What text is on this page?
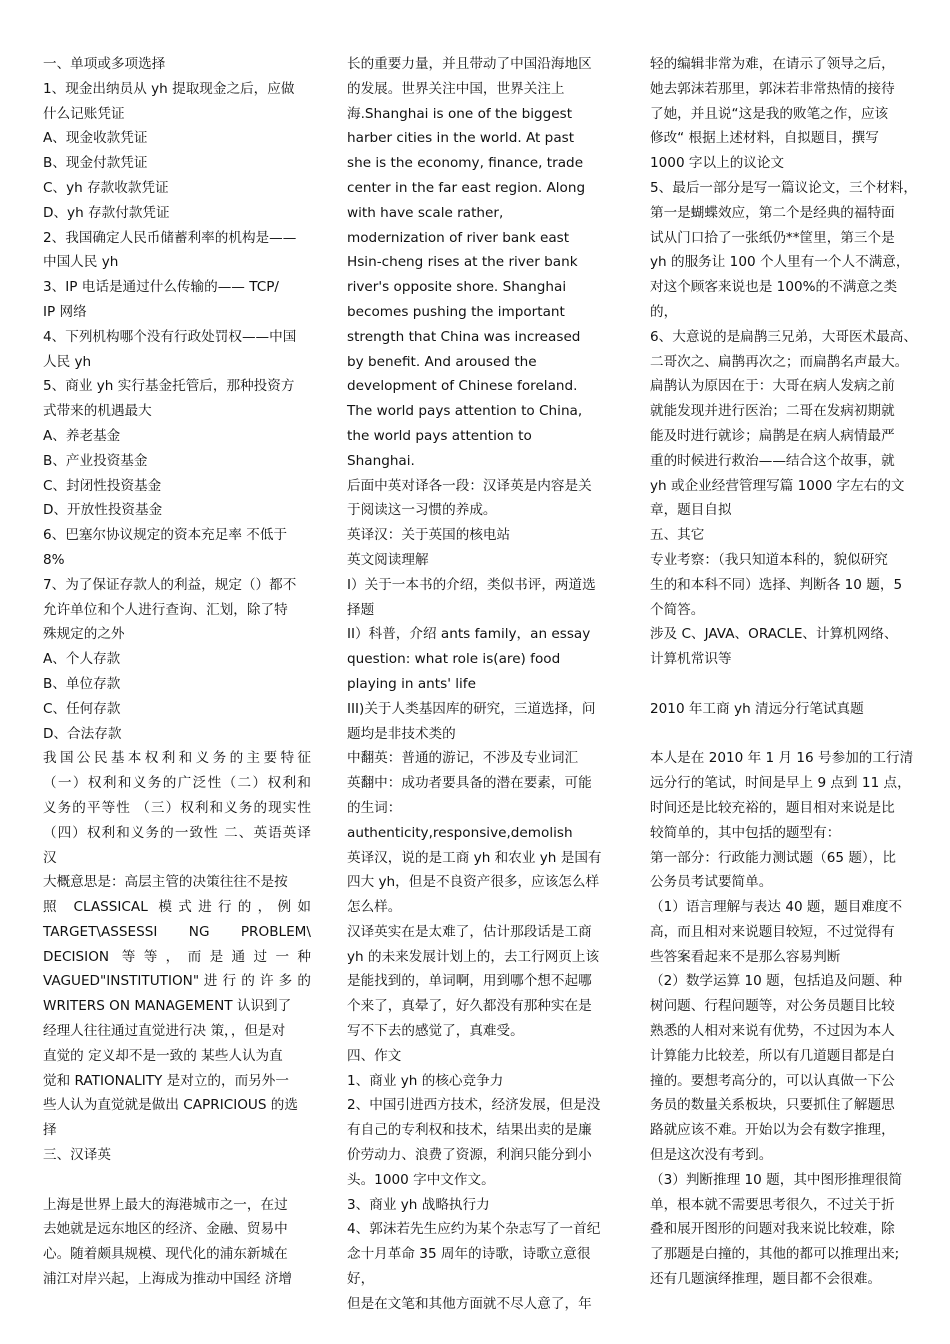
一、单项或多项选择

1、现金出纳员从 yh 提取现金之后，应做

什么记账凭证

A、现金收款凭证

B、现金付款凭证

C、yh 存款收款凭证

D、yh 存款付款凭证

2、我国确定人民币储蓄利率的机构是——

中国人民 yh

3、IP 电话是通过什么传输的—— TCP/

IP 网络

4、下列机构哪个没有行政处罚权——中国

人民 yh

5、商业 yh 实行基金托管后，那种投资方

式带来的机遇最大

A、养老基金

B、产业投资基金

C、封闭性投资基金

D、开放性投资基金

6、巴塞尔协议规定的资本充足率 不低于

8%

7、为了保证存款人的利益，规定（）都不

允许单位和个人进行查询、汇划，除了特

殊规定的之外

A、个人存款

B、单位存款

C、任何存款

D、合法存款

我国公民基本权利和义务的主要特征

（一）权利和义务的广泛性（二）权利和

义务的平等性 （三）权利和义务的现实性

（四）权利和义务的一致性 二、英语英译

汉

大概意思是：高层主管的决策往往不是按

照 CLASSICAL 模式进行的，例如

TARGET\ASSESSI NG PROBLEM\

DECISION 等等，而是通过一种

VAGUED"INSTITUTION" 进 行 的 许 多 的

WRITERS ON MANAGEMENT 认识到了

经理人往往通过直觉进行决 策，，但是对

直觉的 定义却不是一致的 某些人认为直

觉和 RATIONALITY 是对立的，而另外一

些人认为直觉就是做出 CAPRICIOUS 的选

择

三、汉译英

上海是世界上最大的海港城市之一，在过

去她就是远东地区的经济、金融、贸易中

心。随着颇具规模、现代化的浦东新城在

浦江对岸兴起，上海成为推动中国经 济增

长的重要力量，并且带动了中国沿海地区

的发展。世界关注中国，世界关注上

海.Shanghai is one of the biggest

harber cities in the world. At past

she is the economy, finance, trade

center in the far east region. Along

with have scale rather,

modernization of river bank east

Hsin-cheng rises at the river bank

river's opposite shore. Shanghai

becomes pushing the important

strength that China was increased

by benefit. And aroused the

development of Chinese foreland.

The world pays attention to China,

the world pays attention to

Shanghai.

后面中英对译各一段：汉译英是内容是关

于阅读这一习惯的养成。

英译汉：关于英国的核电站

英文阅读理解

I）关于一本书的介绍，类似书评，两道选

择题

II）科普，介绍 ants family，an essay

question: what role is(are) food

playing in ants' life

III)关于人类基因库的研究，三道选择，问

题均是非技术类的

中翻英：普通的游记，不涉及专业词汇

英翻中：成功者要具备的潜在要素，可能

的生词：

authenticity,responsive,demolish

英译汉，说的是工商 yh 和农业 yh 是国有

四大 yh，但是不良资产很多，应该怎么样

怎么样。

汉译英实在是太难了，估计那段话是工商

yh 的未来发展计划上的，去工行网页上该

是能找到的，单词啊，用到哪个想不起哪

个来了，真晕了，好久都没有那种实在是

写不下去的感觉了，真难受。

四、作文

1、商业 yh 的核心竞争力

2、中国引进西方技术，经济发展，但是没

有自己的专利权和技术，结果出卖的是廉

价劳动力、浪费了资源，利润只能分到小

头。1000 字中文作文。

3、商业 yh 战略执行力

4、郭沫若先生应约为某个杂志写了一首纪

念十月革命 35 周年的诗歌，诗歌立意很好，

但是在文笔和其他方面就不尽人意了，年

轻的编辑非常为难，在请示了领导之后，

她去郭沫若那里，郭沫若非常热情的接待

了她，并且说“这是我的败笔之作，应该

修改“ 根据上述材料，自拟题目，撰写

1000 字以上的议论文

5、最后一部分是写一篇议论文，三个材料，

第一是蝴蝶效应，第二个是经典的福特面

试从门口拾了一张纸仍**筐里，第三个是

yh 的服务让 100 个人里有一个人不满意，

对这个顾客来说也是 100%的不满意之类

的，

6、大意说的是扁鹊三兄弟，大哥医术最高、

二哥次之、扁鹊再次之；而扁鹊名声最大。

扁鹊认为原因在于：大哥在病人发病之前

就能发现并进行医治；二哥在发病初期就

能及时进行就诊；扁鹊是在病人病情最严

重的时候进行救治——结合这个故事，就

yh 或企业经营管理写篇 1000 字左右的文

章，题目自拟

五、其它

专业考察：（我只知道本科的，貌似研究

生的和本科不同）选择、判断各 10 题，5

个简答。

涉及 C、JAVA、ORACLE、计算机网络、

计算机常识等

2010 年工商 yh 清远分行笔试真题

本人是在 2010 年 1 月 16 号参加的工行清

远分行的笔试，时间是早上 9 点到 11 点，

时间还是比较充裕的，题目相对来说是比

较简单的，其中包括的题型有：

第一部分：行政能力测试题（65 题），比

公务员考试要简单。

（1）语言理解与表达 40 题，题目难度不

高，而且相对来说题目较短，不过觉得有

些答案看起来不是那么容易判断

（2）数学运算 10 题，包括追及问题、种

树问题、行程问题等，对公务员题目比较

熟悉的人相对来说有优势，不过因为本人

计算能力比较差，所以有几道题目都是白

撞的。要想考高分的，可以认真做一下公

务员的数量关系板块，只要抓住了解题思

路就应该不难。开始以为会有数字推理，

但是这次没有考到。

（3）判断推理 10 题，其中图形推理很简

单，根本就不需要思考很久，不过关于折

叠和展开图形的问题对我来说比较难，除

了那题是白撞的，其他的都可以推理出来;

还有几题演绎推理，题目都不会很难。
